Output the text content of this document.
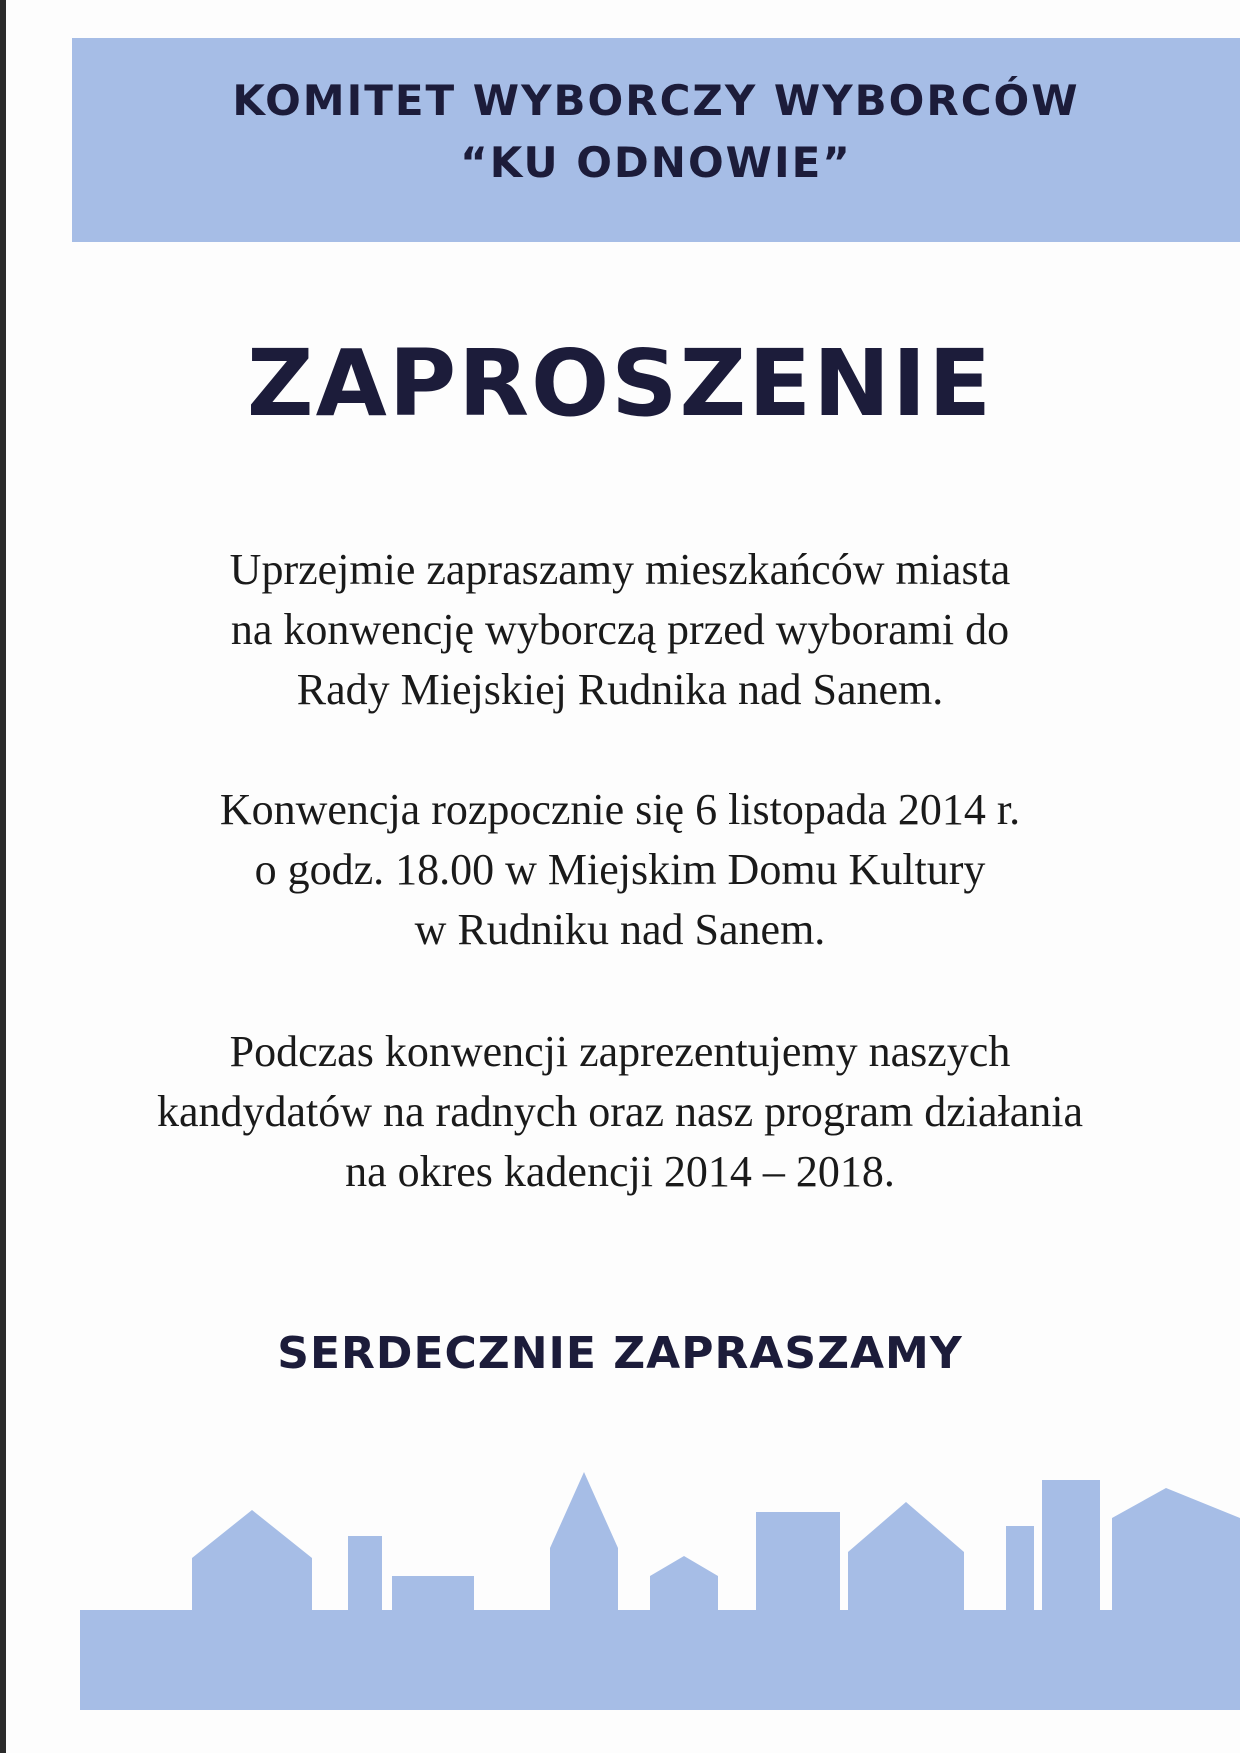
KOMITET WYBORCZY WYBORCÓW
“KU ODNOWIE”
ZAPROSZENIE
Uprzejmie zapraszamy mieszkańców miasta
na konwencję wyborczą przed wyborami do
Rady Miejskiej Rudnika nad Sanem.
Konwencja rozpocznie się 6 listopada 2014 r.
o godz. 18.00 w Miejskim Domu Kultury
w Rudniku nad Sanem.
Podczas konwencji zaprezentujemy naszych
kandydatów na radnych oraz nasz program działania
na okres kadencji 2014 – 2018.
SERDECZNIE ZAPRASZAMY
